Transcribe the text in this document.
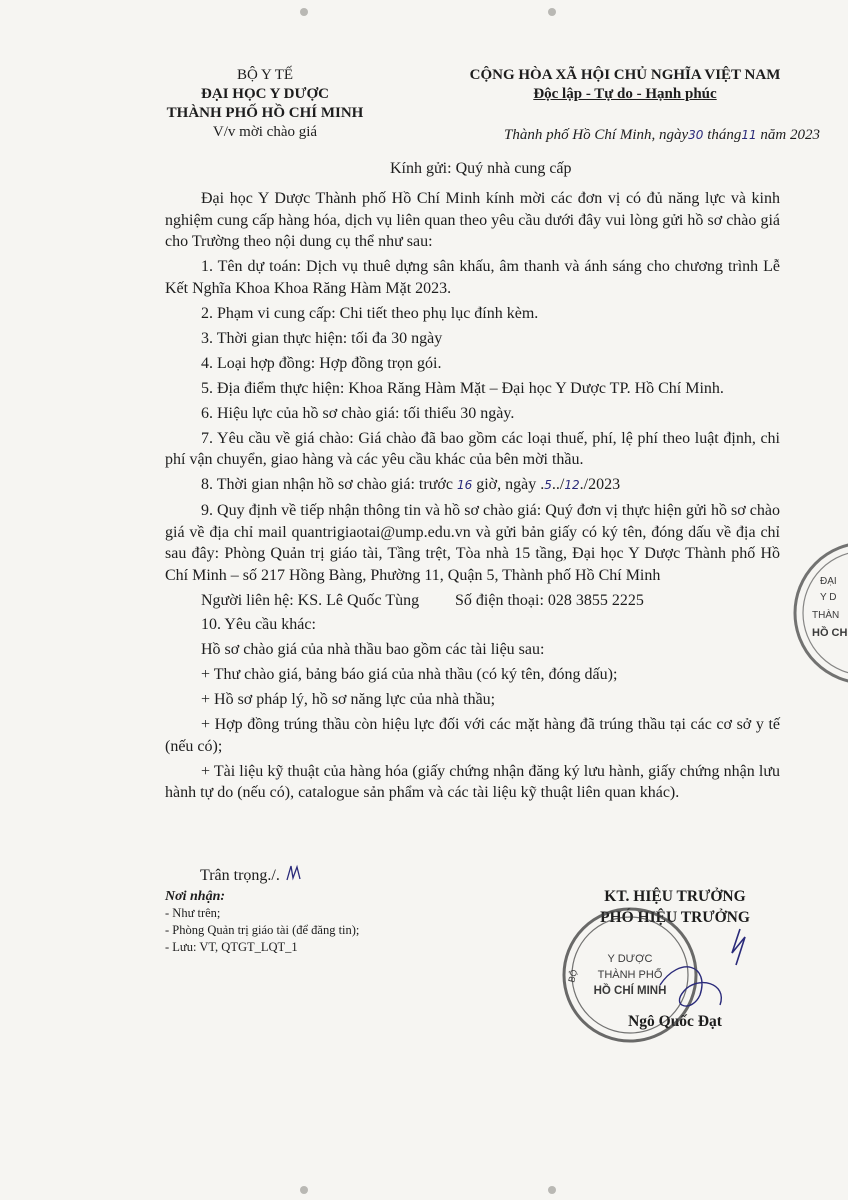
BỘ Y TẾ
ĐẠI HỌC Y DƯỢC
THÀNH PHỐ HỒ CHÍ MINH
V/v mời chào giá
CỘNG HÒA XÃ HỘI CHỦ NGHĨA VIỆT NAM
Độc lập - Tự do - Hạnh phúc
Thành phố Hồ Chí Minh, ngày30 tháng11 năm 2023
Kính gửi: Quý nhà cung cấp

Đại học Y Dược Thành phố Hồ Chí Minh kính mời các đơn vị có đủ năng lực và kinh nghiệm cung cấp hàng hóa, dịch vụ liên quan theo yêu cầu dưới đây vui lòng gửi hồ sơ chào giá cho Trường theo nội dung cụ thể như sau:

1. Tên dự toán: Dịch vụ thuê dựng sân khấu, âm thanh và ánh sáng cho chương trình Lễ Kết Nghĩa Khoa Khoa Răng Hàm Mặt 2023.

2. Phạm vi cung cấp: Chi tiết theo phụ lục đính kèm.

3. Thời gian thực hiện: tối đa 30 ngày

4. Loại hợp đồng: Hợp đồng trọn gói.

5. Địa điểm thực hiện: Khoa Răng Hàm Mặt – Đại học Y Dược TP. Hồ Chí Minh.

6. Hiệu lực của hồ sơ chào giá: tối thiểu 30 ngày.

7. Yêu cầu về giá chào: Giá chào đã bao gồm các loại thuế, phí, lệ phí theo luật định, chi phí vận chuyển, giao hàng và các yêu cầu khác của bên mời thầu.

8. Thời gian nhận hồ sơ chào giá: trước 16 giờ, ngày .5../12./2023

9. Quy định về tiếp nhận thông tin và hồ sơ chào giá: Quý đơn vị thực hiện gửi hồ sơ chào giá về địa chỉ mail quantrigiaotai@ump.edu.vn và gửi bản giấy có ký tên, đóng dấu về địa chỉ sau đây: Phòng Quản trị giáo tài, Tầng trệt, Tòa nhà 15 tầng, Đại học Y Dược Thành phố Hồ Chí Minh – số 217 Hồng Bàng, Phường 11, Quận 5, Thành phố Hồ Chí Minh

Người liên hệ: KS. Lê Quốc Tùng	Số điện thoại: 028 3855 2225

10. Yêu cầu khác:

Hồ sơ chào giá của nhà thầu bao gồm các tài liệu sau:

+ Thư chào giá, bảng báo giá của nhà thầu (có ký tên, đóng dấu);

+ Hồ sơ pháp lý, hồ sơ năng lực của nhà thầu;

+ Hợp đồng trúng thầu còn hiệu lực đối với các mặt hàng đã trúng thầu tại các cơ sở y tế (nếu có);

+ Tài liệu kỹ thuật của hàng hóa (giấy chứng nhận đăng ký lưu hành, giấy chứng nhận lưu hành tự do (nếu có), catalogue sản phẩm và các tài liệu kỹ thuật liên quan khác).

Trân trọng./.
Nơi nhận:
- Như trên;
- Phòng Quản trị giáo tài (để đăng tin);
- Lưu: VT, QTGT_LQT_1
KT. HIỆU TRƯỞNG
PHÓ HIỆU TRƯỞNG
Ngô Quốc Đạt
Y DƯỢC
THÀNH PHỐ
HỒ CHÍ MINH
BỘ
ĐẠI
Y D
THÀN
HỒ CH
